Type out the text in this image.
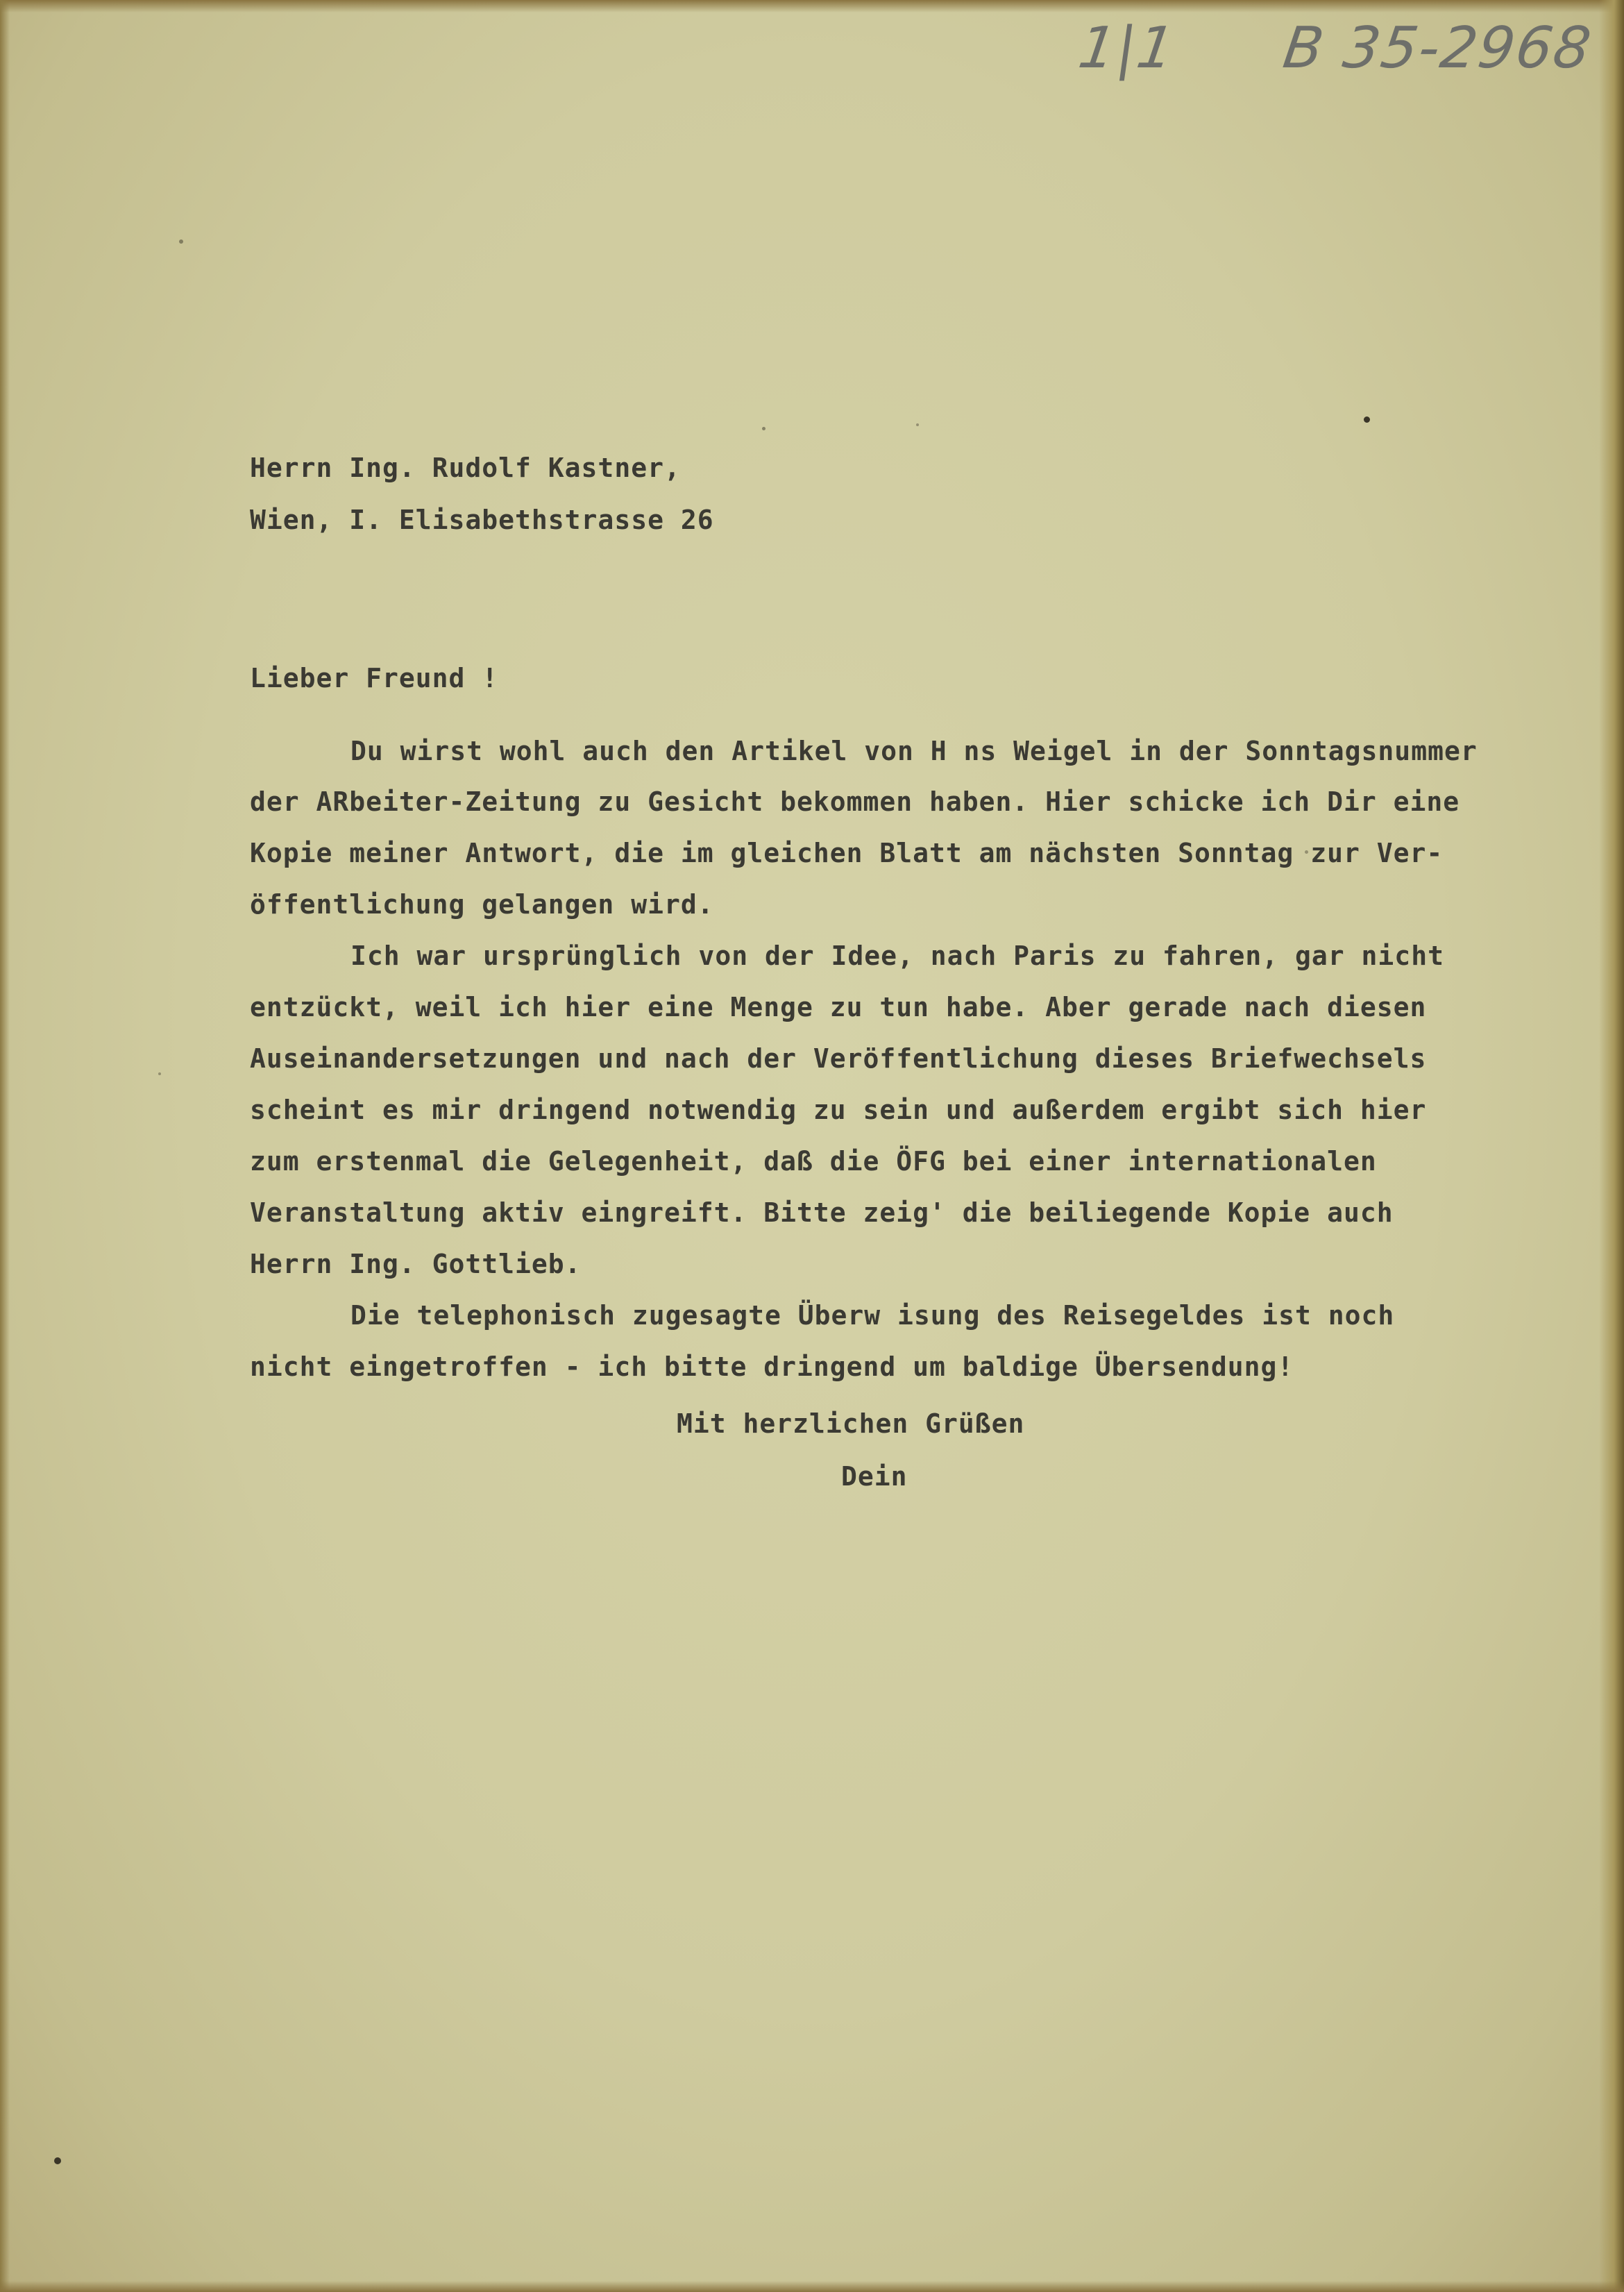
1|1 B 35-2968
Herrn Ing. Rudolf Kastner,
Wien, I. Elisabethstrasse 26
Lieber Freund !
Du wirst wohl auch den Artikel von H ns Weigel in der Sonntagsnummer
der ARbeiter-Zeitung zu Gesicht bekommen haben. Hier schicke ich Dir eine
Kopie meiner Antwort, die im gleichen Blatt am nächsten Sonntag zur Ver-
öffentlichung gelangen wird.
Ich war ursprünglich von der Idee, nach Paris zu fahren, gar nicht
entzückt, weil ich hier eine Menge zu tun habe. Aber gerade nach diesen
Auseinandersetzungen und nach der Veröffentlichung dieses Briefwechsels
scheint es mir dringend notwendig zu sein und außerdem ergibt sich hier
zum erstenmal die Gelegenheit, daß die ÖFG bei einer internationalen
Veranstaltung aktiv eingreift. Bitte zeig' die beiliegende Kopie auch
Herrn Ing. Gottlieb.
Die telephonisch zugesagte Überw isung des Reisegeldes ist noch
nicht eingetroffen - ich bitte dringend um baldige Übersendung!
Mit herzlichen Grüßen
Dein
